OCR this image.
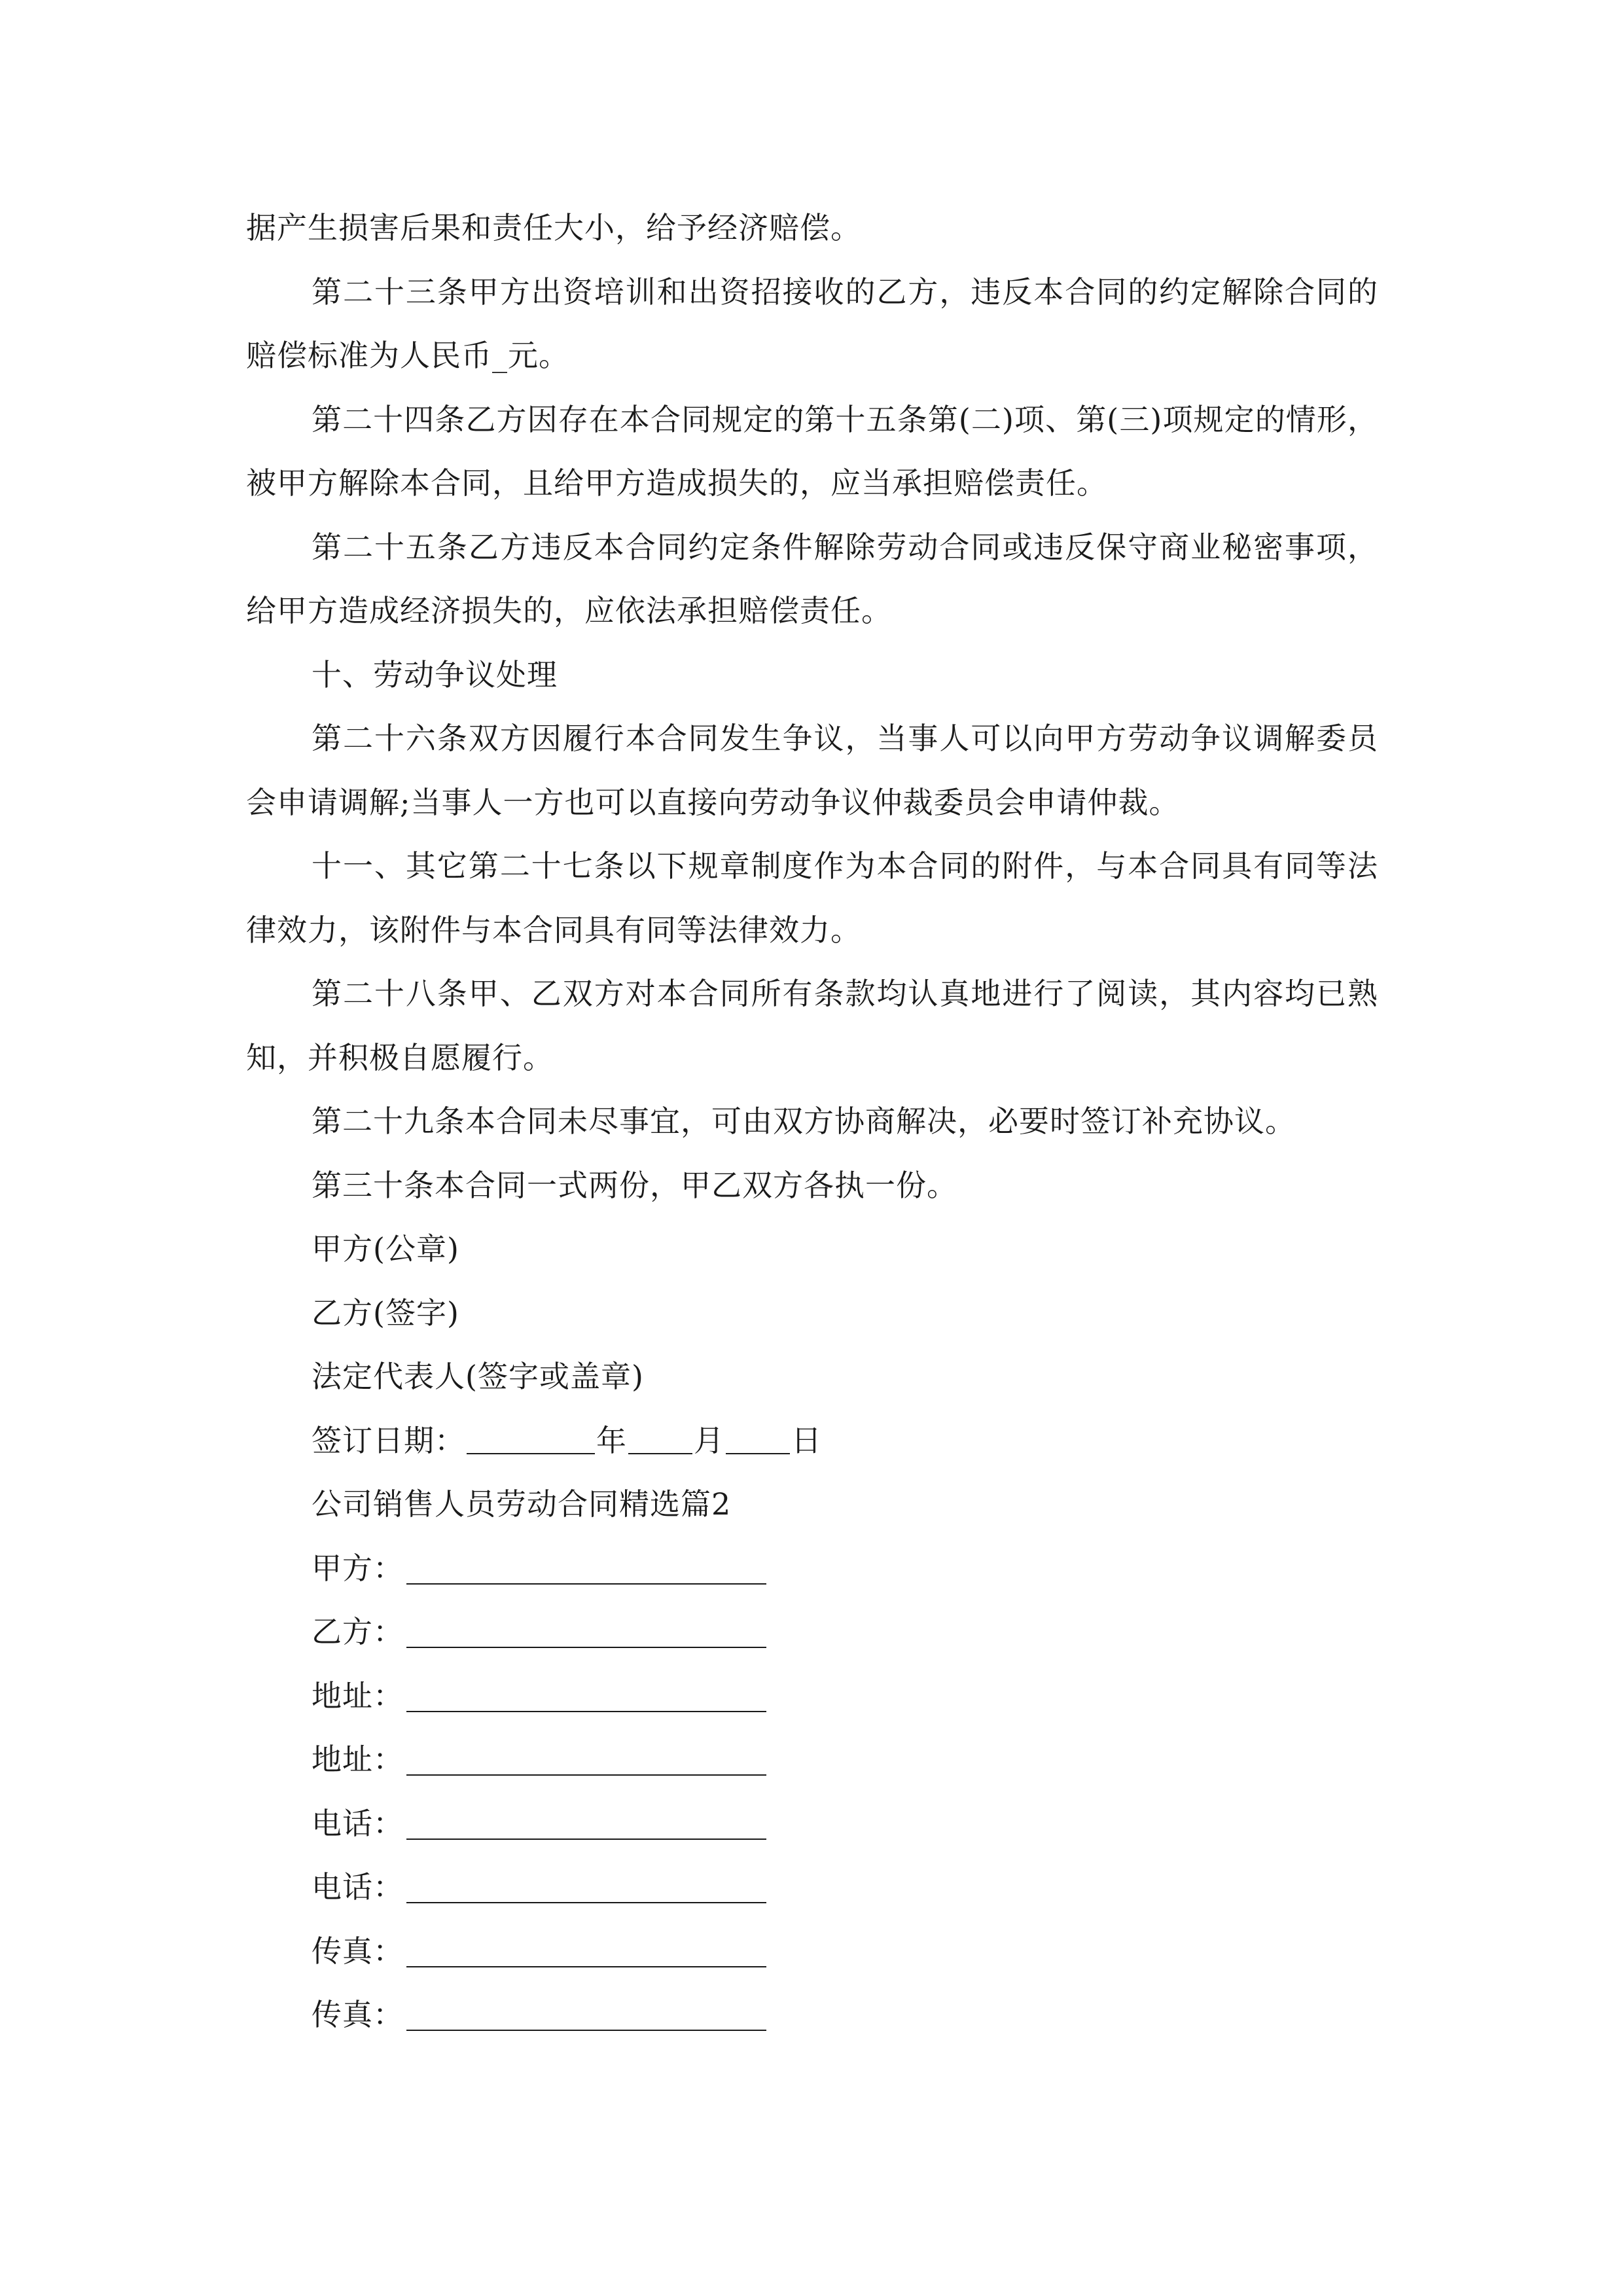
据产生损害后果和责任大小，给予经济赔偿。

第二十三条甲方出资培训和出资招接收的乙方，违反本合同的约定解除合同的赔偿标准为人民币_元。

第二十四条乙方因存在本合同规定的第十五条第(二)项、第(三)项规定的情形，被甲方解除本合同，且给甲方造成损失的，应当承担赔偿责任。

第二十五条乙方违反本合同约定条件解除劳动合同或违反保守商业秘密事项，给甲方造成经济损失的，应依法承担赔偿责任。

十、劳动争议处理

第二十六条双方因履行本合同发生争议，当事人可以向甲方劳动争议调解委员会申请调解;当事人一方也可以直接向劳动争议仲裁委员会申请仲裁。

十一、其它第二十七条以下规章制度作为本合同的附件，与本合同具有同等法律效力，该附件与本合同具有同等法律效力。

第二十八条甲、乙双方对本合同所有条款均认真地进行了阅读，其内容均已熟知，并积极自愿履行。

第二十九条本合同未尽事宜，可由双方协商解决，必要时签订补充协议。

第三十条本合同一式两份，甲乙双方各执一份。

甲方(公章)

乙方(签字)

法定代表人(签字或盖章)

签订日期：	年 月 日

公司销售人员劳动合同精选篇2

甲方：

乙方：

地址：

地址：

电话：

电话：

传真：

传真：
